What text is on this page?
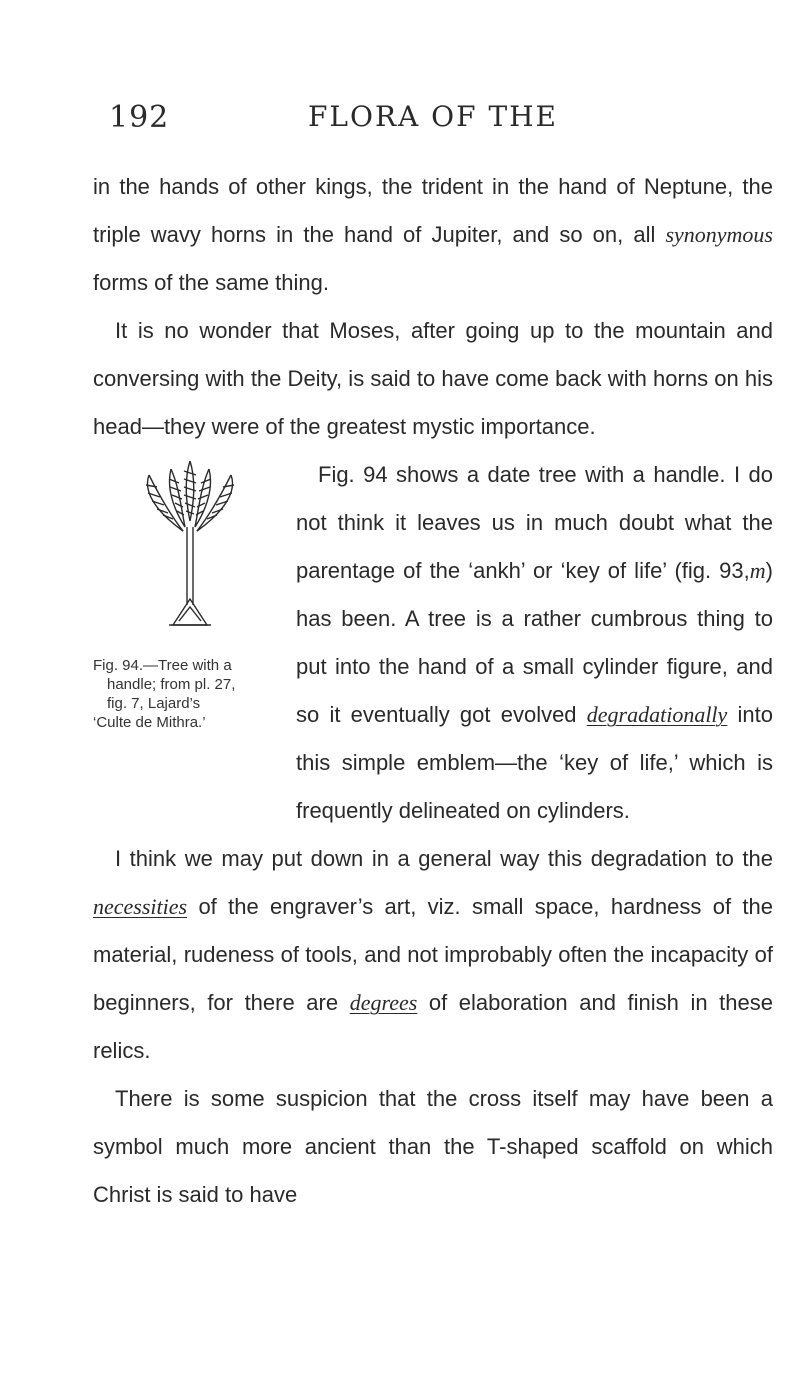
192	FLORA OF THE

in the hands of other kings, the trident in the hand of Neptune, the triple wavy horns in the hand of Jupiter, and so on, all synonymous forms of the same thing.

It is no wonder that Moses, after going up to the mountain and conversing with the Deity, is said to have come back with horns on his head—they were of the greatest mystic importance.

Fig. 94.—Tree with a
handle; from pl. 27,
fig. 7, Lajard’s
‘Culte de Mithra.’

Fig. 94 shows a date tree with a handle. I do not think it leaves us in much doubt what the parentage of the ‘ankh’ or ‘key of life’ (fig. 93,m) has been. A tree is a rather cumbrous thing to put into the hand of a small cylinder figure, and so it eventually got evolved degradationally into this simple emblem—the ‘key of life,’ which is frequently delineated on cylinders.

I think we may put down in a general way this degradation to the necessities of the engraver’s art, viz. small space, hardness of the material, rudeness of tools, and not improbably often the incapacity of beginners, for there are degrees of elaboration and finish in these relics.

There is some suspicion that the cross itself may have been a symbol much more ancient than the T-shaped scaffold on which Christ is said to have
